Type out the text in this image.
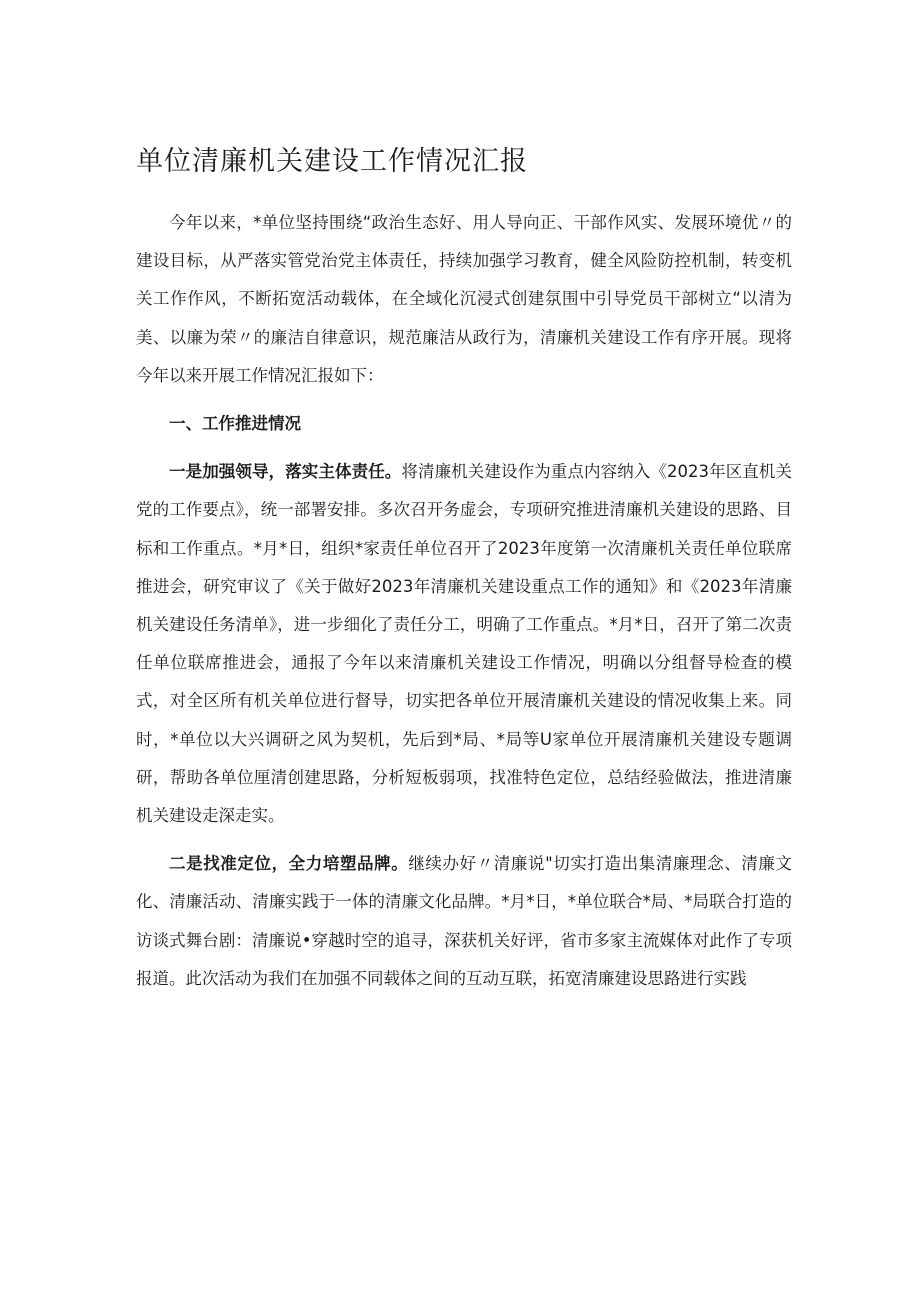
单位清廉机关建设工作情况汇报

今年以来，*单位坚持围绕“政治生态好、用人导向正、干部作风实、发展环境优〃的建设目标，从严落实管党治党主体责任，持续加强学习教育，健全风险防控机制，转变机关工作作风，不断拓宽活动载体，在全域化沉浸式创建氛围中引导党员干部树立“以清为美、以廉为荣〃的廉洁自律意识，规范廉洁从政行为，清廉机关建设工作有序开展。现将今年以来开展工作情况汇报如下：

一、工作推进情况

一是加强领导，落实主体责任。将清廉机关建设作为重点内容纳入《2023年区直机关党的工作要点》，统一部署安排。多次召开务虚会，专项研究推进清廉机关建设的思路、目标和工作重点。*月*日，组织*家责任单位召开了2023年度第一次清廉机关责任单位联席推进会，研究审议了《关于做好2023年清廉机关建设重点工作的通知》和《2023年清廉机关建设任务清单》，进一步细化了责任分工，明确了工作重点。*月*日，召开了第二次责任单位联席推进会，通报了今年以来清廉机关建设工作情况，明确以分组督导检查的模式，对全区所有机关单位进行督导，切实把各单位开展清廉机关建设的情况收集上来。同时，*单位以大兴调研之风为契机，先后到*局、*局等U家单位开展清廉机关建设专题调研，帮助各单位厘清创建思路，分析短板弱项，找准特色定位，总结经验做法，推进清廉机关建设走深走实。

二是找准定位，全力培塑品牌。继续办好〃清廉说"切实打造出集清廉理念、清廉文化、清廉活动、清廉实践于一体的清廉文化品牌。*月*日，*单位联合*局、*局联合打造的访谈式舞台剧：清廉说•穿越时空的追寻，深获机关好评，省市多家主流媒体对此作了专项报道。此次活动为我们在加强不同载体之间的互动互联，拓宽清廉建设思路进行实践
